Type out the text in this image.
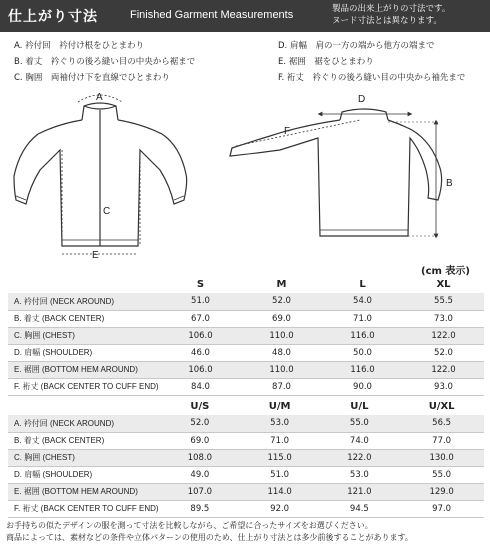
仕上がり寸法	Finished Garment Measurements	製品の出来上がりの寸法です。
ヌード寸法とは異なります。
A. 衿付回　衿付け根をひとまわり
B. 着丈　衿ぐりの後ろ縫い目の中央から裾まで
C. 胸囲　両袖付け下を直線でひとまわり
D. 肩幅　肩の一方の端から他方の端まで
E. 裾囲　裾をひとまわり
F. 裄丈　衿ぐりの後ろ縫い目の中央から袖先まで
A
C
E
D
F
B
(cm 表示)
	S	M	L	XL
A. 衿付回 (NECK AROUND)	51.0	52.0	54.0	55.5
B. 着丈 (BACK CENTER)	67.0	69.0	71.0	73.0
C. 胸囲 (CHEST)	106.0	110.0	116.0	122.0
D. 肩幅 (SHOULDER)	46.0	48.0	50.0	52.0
E. 裾囲 (BOTTOM HEM AROUND)	106.0	110.0	116.0	122.0
F. 裄丈 (BACK CENTER TO CUFF END)	84.0	87.0	90.0	93.0
	U/S	U/M	U/L	U/XL
A. 衿付回 (NECK AROUND)	52.0	53.0	55.0	56.5
B. 着丈 (BACK CENTER)	69.0	71.0	74.0	77.0
C. 胸囲 (CHEST)	108.0	115.0	122.0	130.0
D. 肩幅 (SHOULDER)	49.0	51.0	53.0	55.0
E. 裾囲 (BOTTOM HEM AROUND)	107.0	114.0	121.0	129.0
F. 裄丈 (BACK CENTER TO CUFF END)	89.5	92.0	94.5	97.0
お手持ちの似たデザインの服を測って寸法を比較しながら、ご希望に合ったサイズをお選びください。
商品によっては、素材などの条件や立体パターンの使用のため、仕上がり寸法とは多少前後することがあります。
